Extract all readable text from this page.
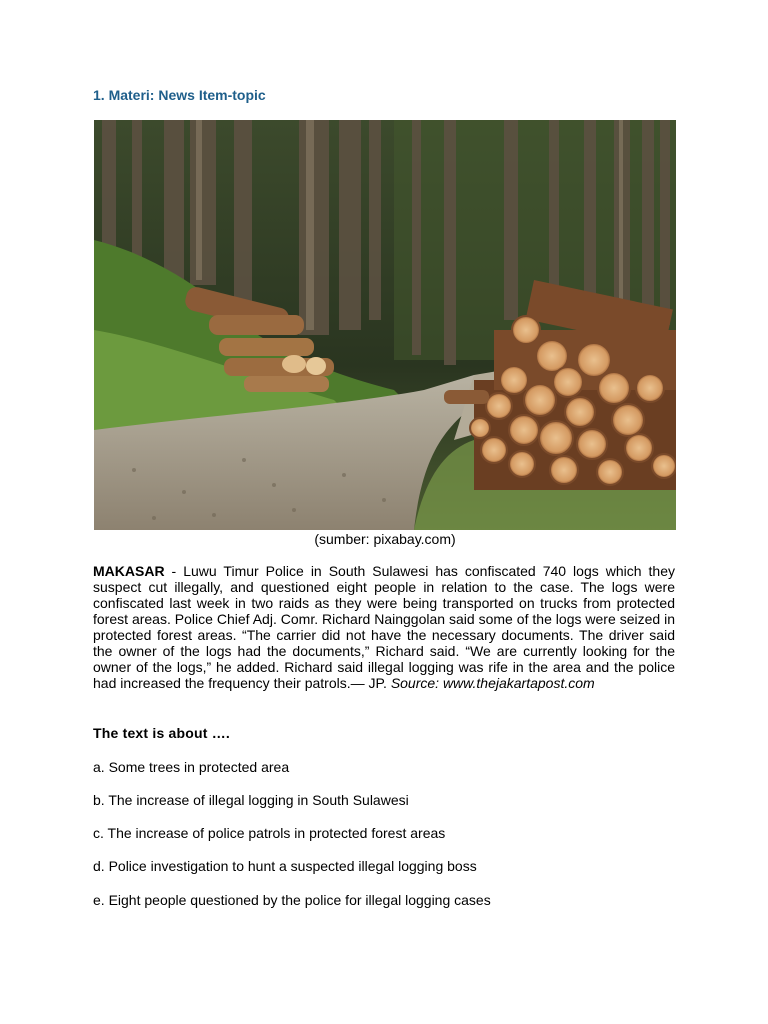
1. Materi: News Item-topic

(sumber: pixabay.com)

MAKASAR - Luwu Timur Police in South Sulawesi has confiscated 740 logs which they suspect cut illegally, and questioned eight people in relation to the case. The logs were confiscated last week in two raids as they were being transported on trucks from protected forest areas. Police Chief Adj. Comr. Richard Nainggolan said some of the logs were seized in protected forest areas. “The carrier did not have the necessary documents. The driver said the owner of the logs had the documents,” Richard said. “We are currently looking for the owner of the logs,” he added. Richard said illegal logging was rife in the area and the police had increased the frequency their patrols.— JP. Source: www.thejakartapost.com

The text is about ….

a. Some trees in protected area

b. The increase of illegal logging in South Sulawesi

c. The increase of police patrols in protected forest areas

d. Police investigation to hunt a suspected illegal logging boss

e. Eight people questioned by the police for illegal logging cases
